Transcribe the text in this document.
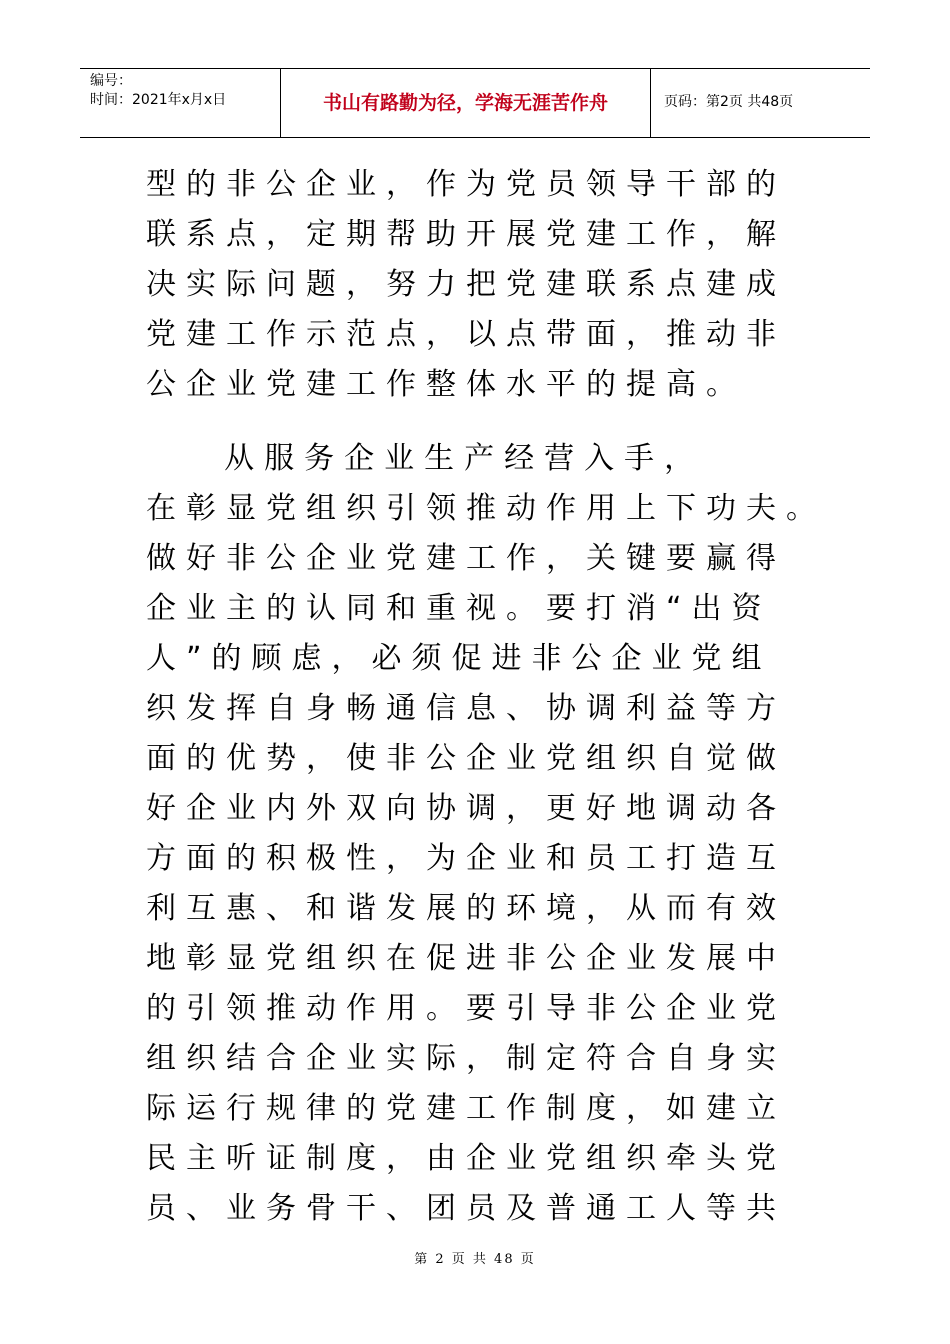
编号：
时间：2021年x月x日	书山有路勤为径，学海无涯苦作舟	页码：第2页 共48页
型的非公企业，作为党员领导干部的
联系点，定期帮助开展党建工作，解
决实际问题，努力把党建联系点建成
党建工作示范点，以点带面，推动非
公企业党建工作整体水平的提高。
从服务企业生产经营入手，
在彰显党组织引领推动作用上下功夫。
做好非公企业党建工作，关键要赢得
企业主的认同和重视。要打消“出资
人”的顾虑，必须促进非公企业党组
织发挥自身畅通信息、协调利益等方
面的优势，使非公企业党组织自觉做
好企业内外双向协调，更好地调动各
方面的积极性，为企业和员工打造互
利互惠、和谐发展的环境，从而有效
地彰显党组织在促进非公企业发展中
的引领推动作用。要引导非公企业党
组织结合企业实际，制定符合自身实
际运行规律的党建工作制度，如建立
民主听证制度，由企业党组织牵头党
员、业务骨干、团员及普通工人等共
第 2 页 共 48 页
